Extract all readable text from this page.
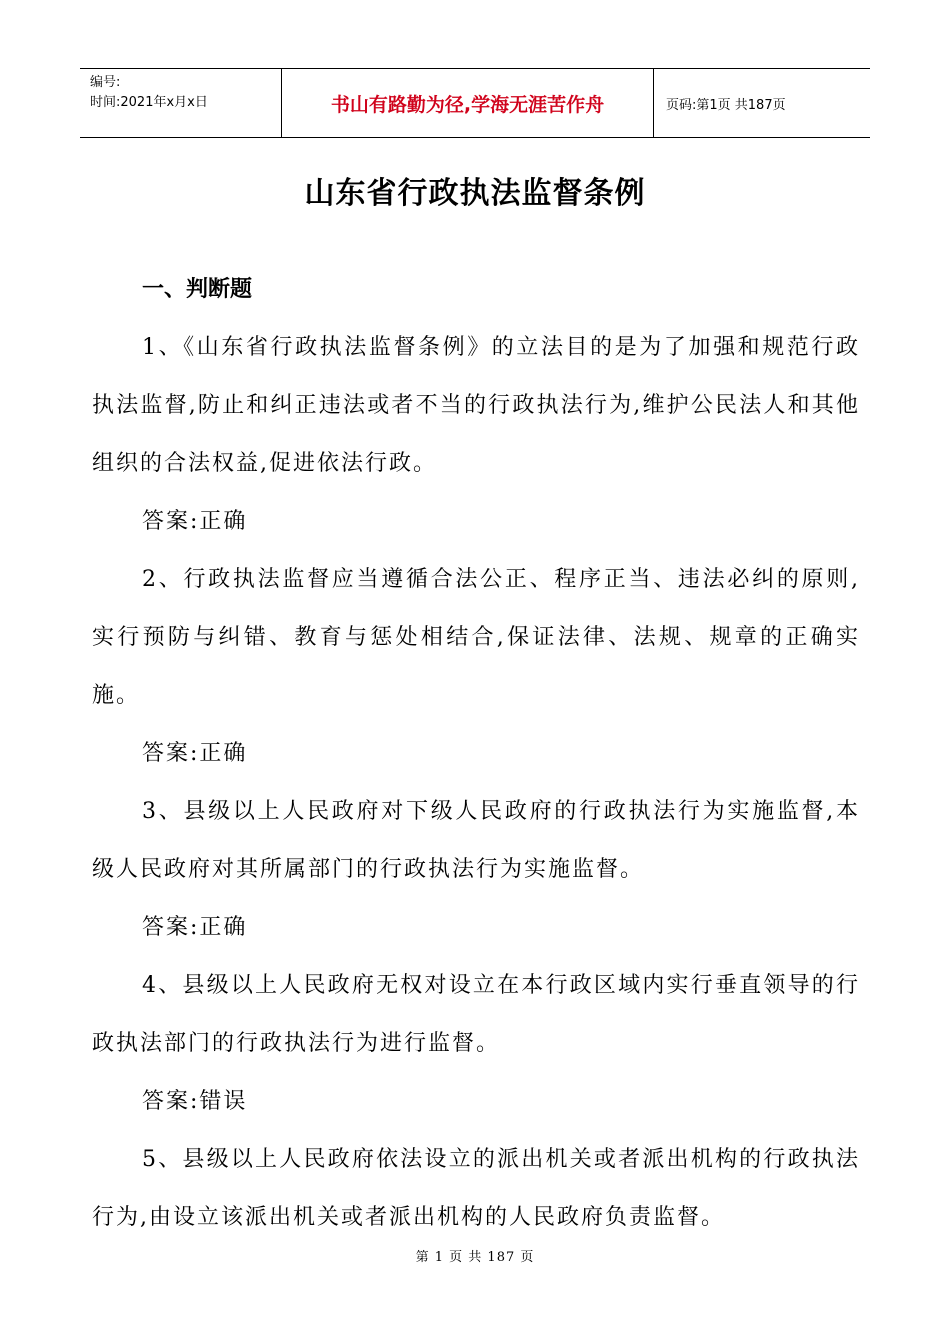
编号:
时间:2021年x月x日	书山有路勤为径,学海无涯苦作舟	页码:第1页 共187页
山东省行政执法监督条例

一、判断题

1、《山东省行政执法监督条例》的立法目的是为了加强和规范行政执法监督,防止和纠正违法或者不当的行政执法行为,维护公民法人和其他组织的合法权益,促进依法行政。

答案:正确

2、行政执法监督应当遵循合法公正、程序正当、违法必纠的原则,实行预防与纠错、教育与惩处相结合,保证法律、法规、规章的正确实施。

答案:正确

3、县级以上人民政府对下级人民政府的行政执法行为实施监督,本级人民政府对其所属部门的行政执法行为实施监督。

答案:正确

4、县级以上人民政府无权对设立在本行政区域内实行垂直领导的行政执法部门的行政执法行为进行监督。

答案:错误

5、县级以上人民政府依法设立的派出机关或者派出机构的行政执法行为,由设立该派出机关或者派出机构的人民政府负责监督。

第 1 页 共 187 页
